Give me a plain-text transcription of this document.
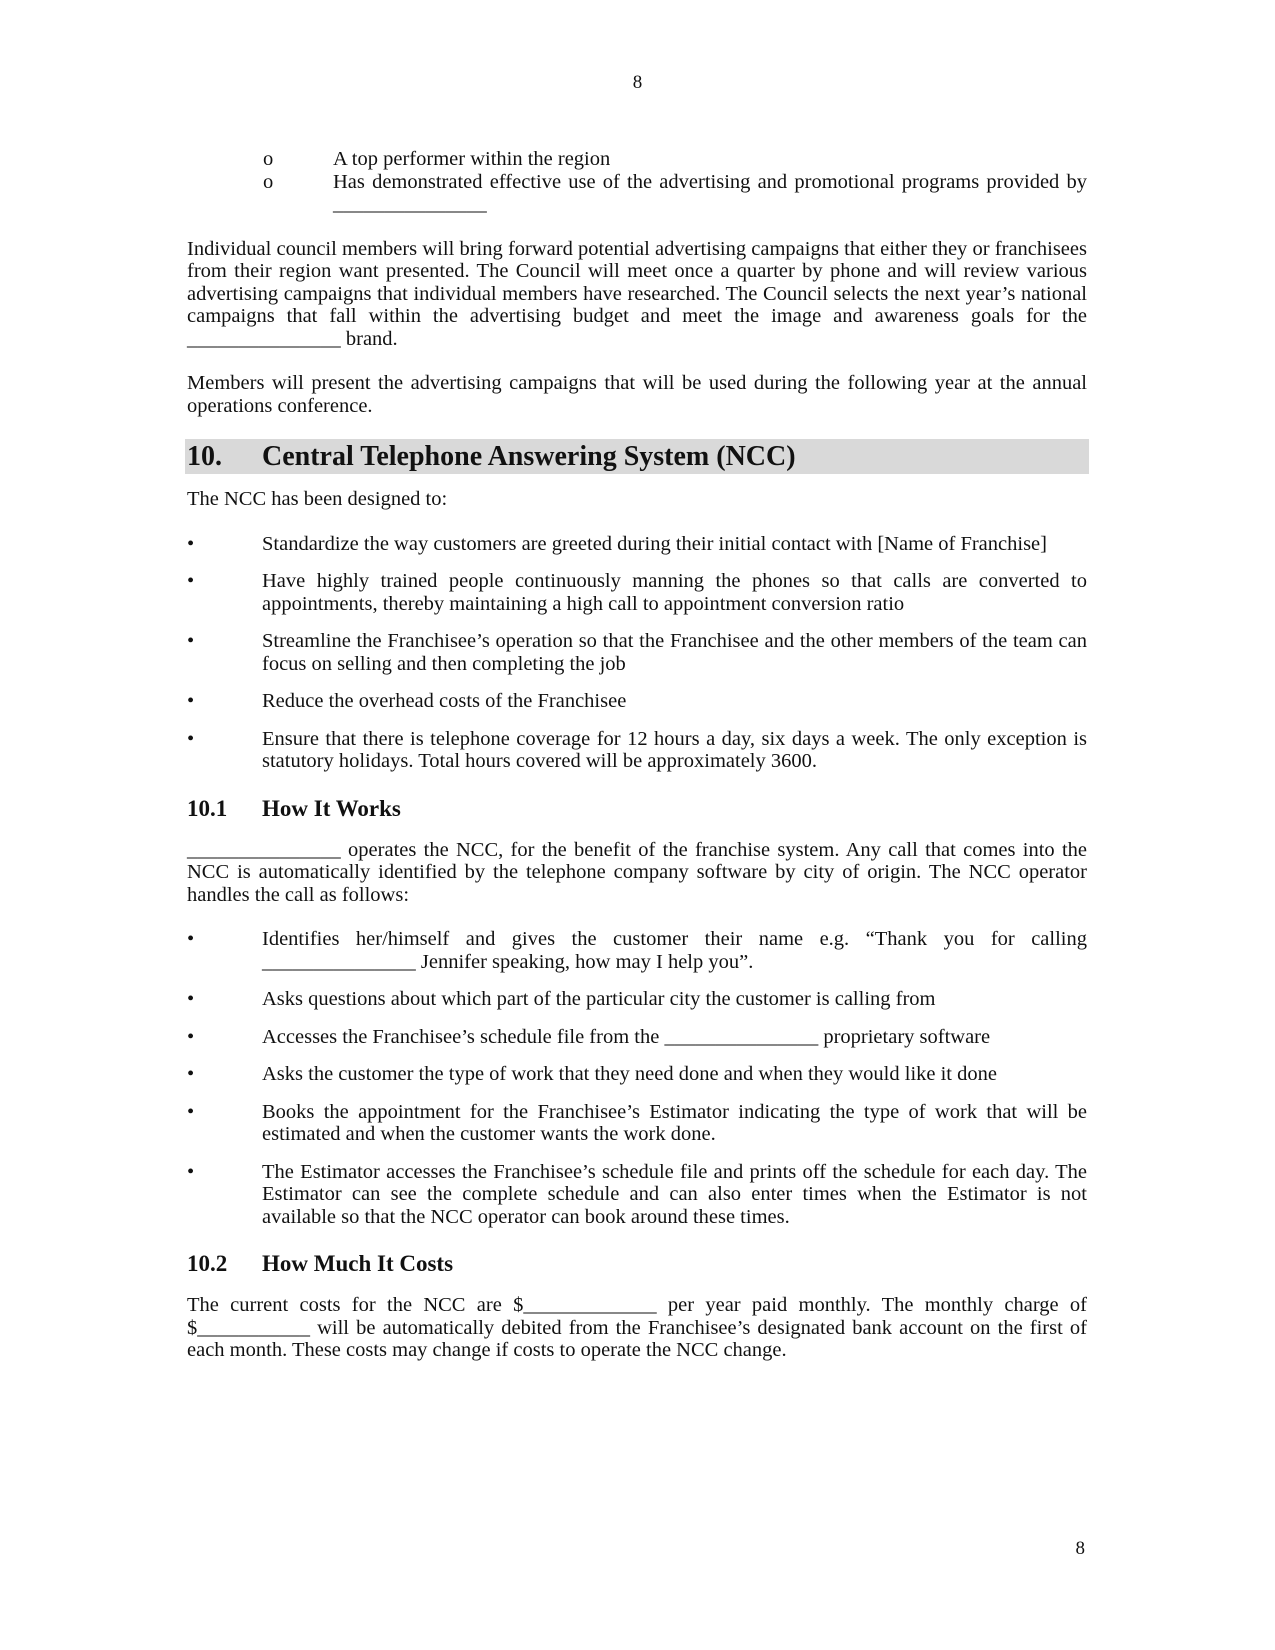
8
o	A top performer within the region
o	Has demonstrated effective use of the advertising and promotional programs provided by _______________

Individual council members will bring forward potential advertising campaigns that either they or franchisees from their region want presented. The Council will meet once a quarter by phone and will review various advertising campaigns that individual members have researched. The Council selects the next year’s national campaigns that fall within the advertising budget and meet the image and awareness goals for the _______________ brand.

Members will present the advertising campaigns that will be used during the following year at the annual operations conference.

10.	Central Telephone Answering System (NCC)

The NCC has been designed to:

•	Standardize the way customers are greeted during their initial contact with [Name of Franchise]
•	Have highly trained people continuously manning the phones so that calls are converted to appointments, thereby maintaining a high call to appointment conversion ratio
•	Streamline the Franchisee’s operation so that the Franchisee and the other members of the team can focus on selling and then completing the job
•	Reduce the overhead costs of the Franchisee
•	Ensure that there is telephone coverage for 12 hours a day, six days a week. The only exception is statutory holidays. Total hours covered will be approximately 3600.
10.1	How It Works

_______________ operates the NCC, for the benefit of the franchise system. Any call that comes into the NCC is automatically identified by the telephone company software by city of origin. The NCC operator handles the call as follows:

•	Identifies her/himself and gives the customer their name e.g. “Thank you for calling _______________ Jennifer speaking, how may I help you”.
•	Asks questions about which part of the particular city the customer is calling from
•	Accesses the Franchisee’s schedule file from the _______________ proprietary software
•	Asks the customer the type of work that they need done and when they would like it done
•	Books the appointment for the Franchisee’s Estimator indicating the type of work that will be estimated and when the customer wants the work done.
•	The Estimator accesses the Franchisee’s schedule file and prints off the schedule for each day. The Estimator can see the complete schedule and can also enter times when the Estimator is not available so that the NCC operator can book around these times.
10.2	How Much It Costs

The current costs for the NCC are $_____________ per year paid monthly. The monthly charge of $___________ will be automatically debited from the Franchisee’s designated bank account on the first of each month. These costs may change if costs to operate the NCC change.

8
